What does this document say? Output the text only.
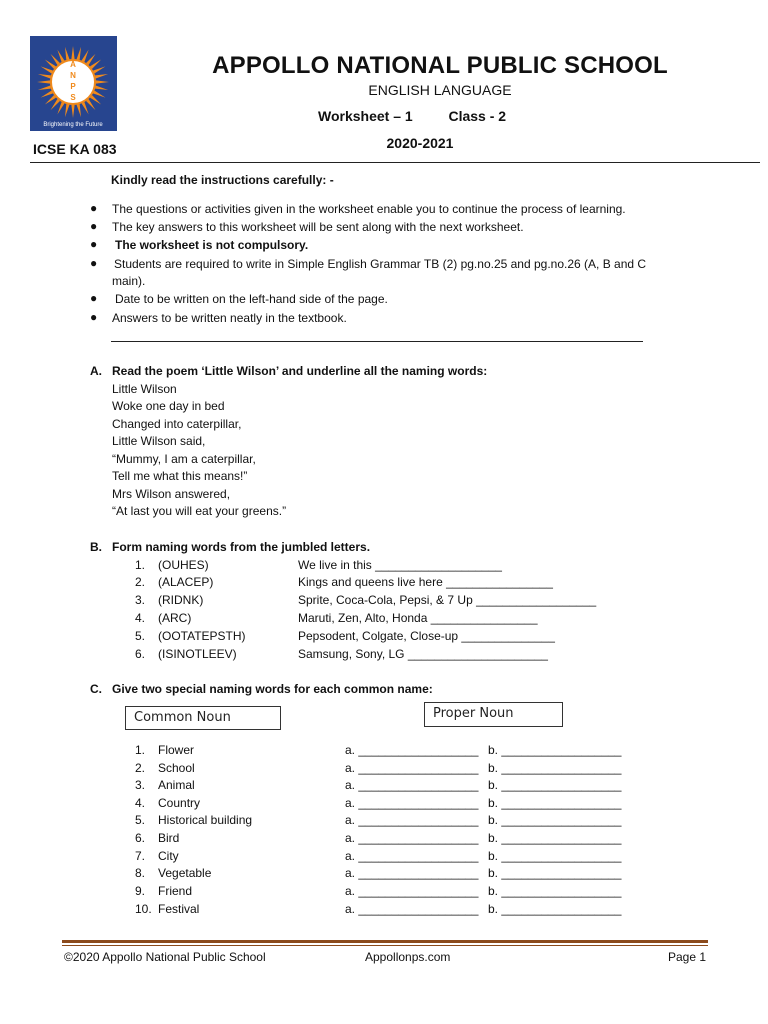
A
N
P
S
Brightening the Future
APPOLLO NATIONAL PUBLIC SCHOOL
ENGLISH LANGUAGE
Worksheet – 1	Class - 2
2020-2021
ICSE KA 083
Kindly read the instructions carefully: -
● The questions or activities given in the worksheet enable you to continue the process of learning.
● The key answers to this worksheet will be sent along with the next worksheet.
● The worksheet is not compulsory.
● Students are required to write in Simple English Grammar TB (2) pg.no.25 and pg.no.26 (A, B and C
main).
● Date to be written on the left-hand side of the page.
● Answers to be written neatly in the textbook.
A. Read the poem ‘Little Wilson’ and underline all the naming words:
Little Wilson
Woke one day in bed
Changed into caterpillar,
Little Wilson said,
“Mummy, I am a caterpillar,
Tell me what this means!”
Mrs Wilson answered,
“At last you will eat your greens.”
B. Form naming words from the jumbled letters.
1. (OUHES)	We live in this ___________________
2. (ALACEP)	Kings and queens live here ________________
3. (RIDNK)	Sprite, Coca-Cola, Pepsi, & 7 Up __________________
4. (ARC)	Maruti, Zen, Alto, Honda ________________
5. (OOTATEPSTH)	Pepsodent, Colgate, Close-up ______________
6. (ISINOTLEEV)	Samsung, Sony, LG _____________________
C. Give two special naming words for each common name:
Common Noun	Proper Noun
1. Flower	a. __________________ b. __________________
2. School	a. __________________ b. __________________
3. Animal	a. __________________ b. __________________
4. Country	a. __________________ b. __________________
5. Historical building	a. __________________ b. __________________
6. Bird	a. __________________ b. __________________
7. City	a. __________________ b. __________________
8. Vegetable	a. __________________ b. __________________
9. Friend	a. __________________ b. __________________
10. Festival	a. __________________ b. __________________
©2020 Appollo National Public School	Appollonps.com	Page 1
